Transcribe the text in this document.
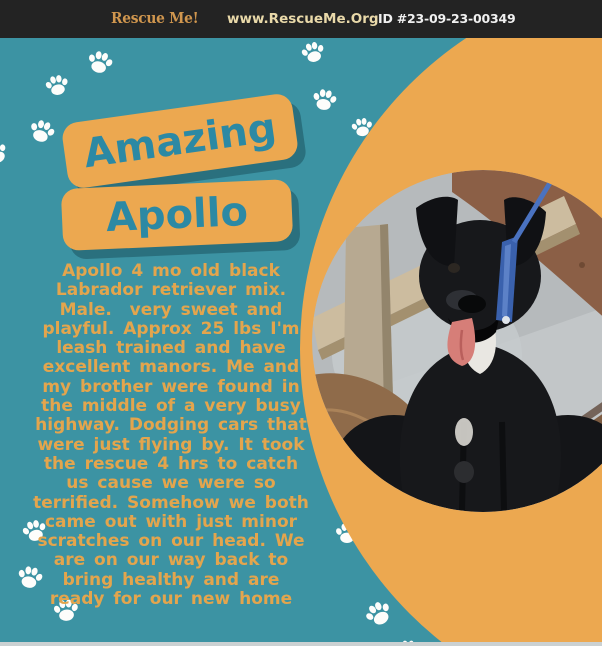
Amazing
Apollo
Apollo 4 mo old black
Labrador retriever mix.
Male.  very sweet and
playful. Approx 25 lbs I'm
leash trained and have
excellent manors. Me and
my brother were found in
the middle of a very busy
highway. Dodging cars that
were just flying by. It took
the rescue 4 hrs to catch
us cause we were so
terrified. Somehow we both
came out with just minor
scratches on our head. We
are on our way back to
bring healthy and are
ready for our new home
Rescue Me! www.RescueMe.Org ID #23-09-23-00349
